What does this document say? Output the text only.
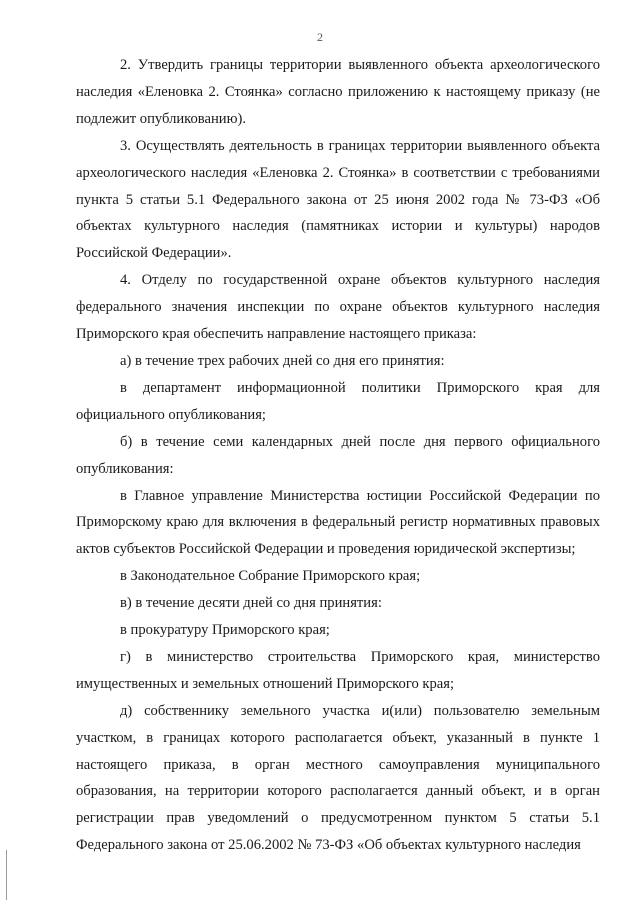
2

2. Утвердить границы территории выявленного объекта археологического наследия «Еленовка 2. Стоянка» согласно приложению к настоящему приказу (не подлежит опубликованию).

3. Осуществлять деятельность в границах территории выявленного объекта археологического наследия «Еленовка 2. Стоянка» в соответствии с требованиями пункта 5 статьи 5.1 Федерального закона от 25 июня 2002 года № 73-ФЗ «Об объектах культурного наследия (памятниках истории и культуры) народов Российской Федерации».

4. Отделу по государственной охране объектов культурного наследия федерального значения инспекции по охране объектов культурного наследия Приморского края обеспечить направление настоящего приказа:

а) в течение трех рабочих дней со дня его принятия:

в департамент информационной политики Приморского края для официального опубликования;

б) в течение семи календарных дней после дня первого официального опубликования:

в Главное управление Министерства юстиции Российской Федерации по Приморскому краю для включения в федеральный регистр нормативных правовых актов субъектов Российской Федерации и проведения юридической экспертизы;

в Законодательное Собрание Приморского края;

в) в течение десяти дней со дня принятия:

в прокуратуру Приморского края;

г) в министерство строительства Приморского края, министерство имущественных и земельных отношений Приморского края;

д) собственнику земельного участка и(или) пользователю земельным участком, в границах которого располагается объект, указанный в пункте 1 настоящего приказа, в орган местного самоуправления муниципального образования, на территории которого располагается данный объект, и в орган регистрации прав уведомлений о предусмотренном пунктом 5 статьи 5.1 Федерального закона от 25.06.2002 № 73-ФЗ «Об объектах культурного наследия
